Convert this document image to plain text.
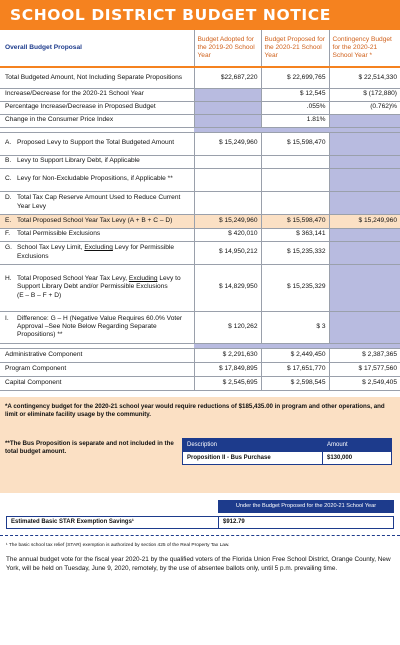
SCHOOL DISTRICT BUDGET NOTICE
Overall Budget Proposal	Budget Adopted for the 2019-20 School Year	Budget Proposed for the 2020-21 School Year	Contingency Budget for the 2020-21 School Year *
Total Budgeted Amount, Not Including Separate Propositions	$22,687,220	$ 22,699,765	$ 22,514,330
Increase/Decrease for the 2020-21 School Year		$ 12,545	$ (172,880)
Percentage Increase/Decrease in Proposed Budget		.055%	(0.762)%
Change in the Consumer Price Index		1.81%	

A. Proposed Levy to Support the Total Budgeted Amount	$ 15,249,960	$ 15,598,470	
B. Levy to Support Library Debt, if Applicable			
C. Levy for Non-Excludable Propositions, if Applicable **			
D. Total Tax Cap Reserve Amount Used to Reduce Current Year Levy			
E. Total Proposed School Year Tax Levy (A + B + C – D)	$ 15,249,960	$ 15,598,470	$ 15,249,960
F. Total Permissible Exclusions	$ 420,010	$ 363,141	
G. School Tax Levy Limit, Excluding Levy for Permissible Exclusions	$ 14,950,212	$ 15,235,332	
H. Total Proposed School Year Tax Levy, Excluding Levy to Support Library Debt and/or Permissible Exclusions
(E – B – F + D)	$ 14,829,950	$ 15,235,329	
I. Difference: G – H (Negative Value Requires 60.0% Voter Approval –See Note Below Regarding Separate Propositions) **	$ 120,262	$ 3	

Administrative Component	$ 2,291,630	$ 2,449,450	$ 2,387,365
Program Component	$ 17,849,895	$ 17,651,770	$ 17,577,560
Capital Component	$ 2,545,695	$ 2,598,545	$ 2,549,405

*A contingency budget for the 2020-21 school year would require reductions of $185,435.00 in program and other operations, and limit or eliminate facility usage by the community.

**The Bus Proposition is separate and not included in the total budget amount.

Description	Amount
Proposition II - Bus Purchase	$130,000
Under the Budget Proposed for the 2020-21 School Year
Estimated Basic STAR Exemption Savings¹	$912.79

¹ The basic school tax relief (STAR) exemption is authorized by section 425 of the Real Property Tax Law.

The annual budget vote for the fiscal year 2020-21 by the qualified voters of the Florida Union Free School District, Orange County, New York, will be held on Tuesday, June 9, 2020, remotely, by the use of absentee ballots only, until 5 p.m. prevailing time.
